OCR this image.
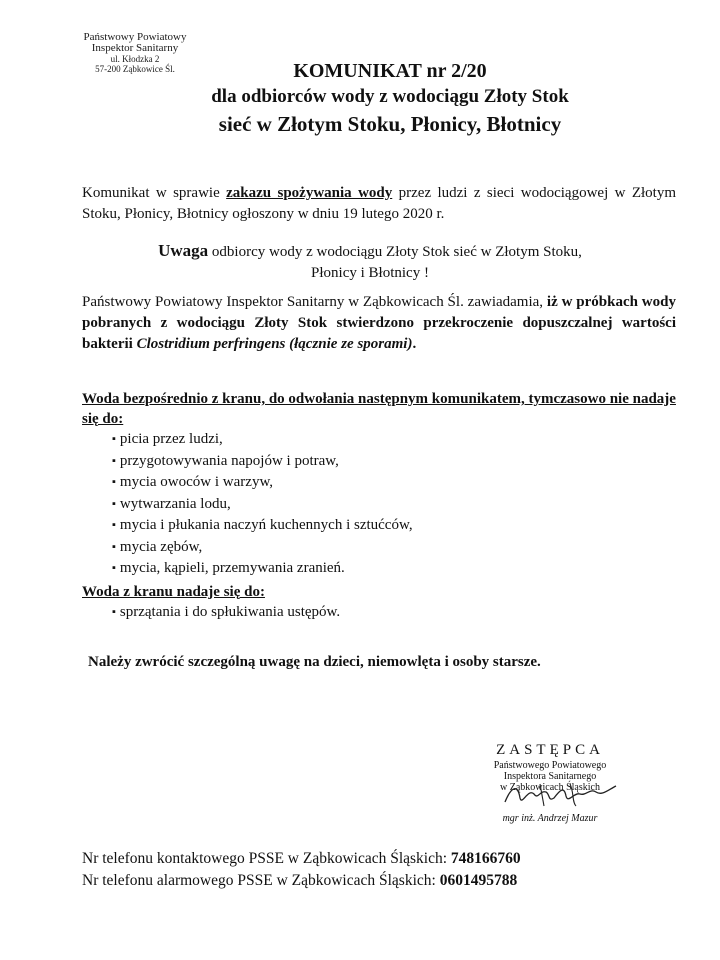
Państwowy Powiatowy
Inspektor Sanitarny
ul. Kłodzka 2
57-200 Ząbkowice Śl.	KOMUNIKAT nr 2/20
dla odbiorców wody z wodociągu Złoty Stok
sieć w Złotym Stoku, Płonicy, Błotnicy
Komunikat w sprawie zakazu spożywania wody przez ludzi z sieci wodociągowej w Złotym Stoku, Płonicy, Błotnicy ogłoszony w dniu 19 lutego 2020 r.
Uwaga odbiorcy wody z wodociągu Złoty Stok sieć w Złotym Stoku,
Płonicy i Błotnicy !
Państwowy Powiatowy Inspektor Sanitarny w Ząbkowicach Śl. zawiadamia, iż w próbkach wody pobranych z wodociągu Złoty Stok stwierdzono przekroczenie dopuszczalnej wartości bakterii Clostridium perfringens (łącznie ze sporami).
Woda bezpośrednio z kranu, do odwołania następnym komunikatem, tymczasowo nie nadaje się do:
▪ picia przez ludzi,
▪ przygotowywania napojów i potraw,
▪ mycia owoców i warzyw,
▪ wytwarzania lodu,
▪ mycia i płukania naczyń kuchennych i sztućców,
▪ mycia zębów,
▪ mycia, kąpieli, przemywania zranień.
Woda z kranu nadaje się do:
▪ sprzątania i do spłukiwania ustępów.
Należy zwrócić szczególną uwagę na dzieci, niemowlęta i osoby starsze.
ZASTĘPCA
Państwowego Powiatowego
Inspektora Sanitarnego
w Ząbkowicach Śląskich
mgr inż. Andrzej Mazur
Nr telefonu kontaktowego PSSE w Ząbkowicach Śląskich: 748166760
Nr telefonu alarmowego PSSE w Ząbkowicach Śląskich: 0601495788
